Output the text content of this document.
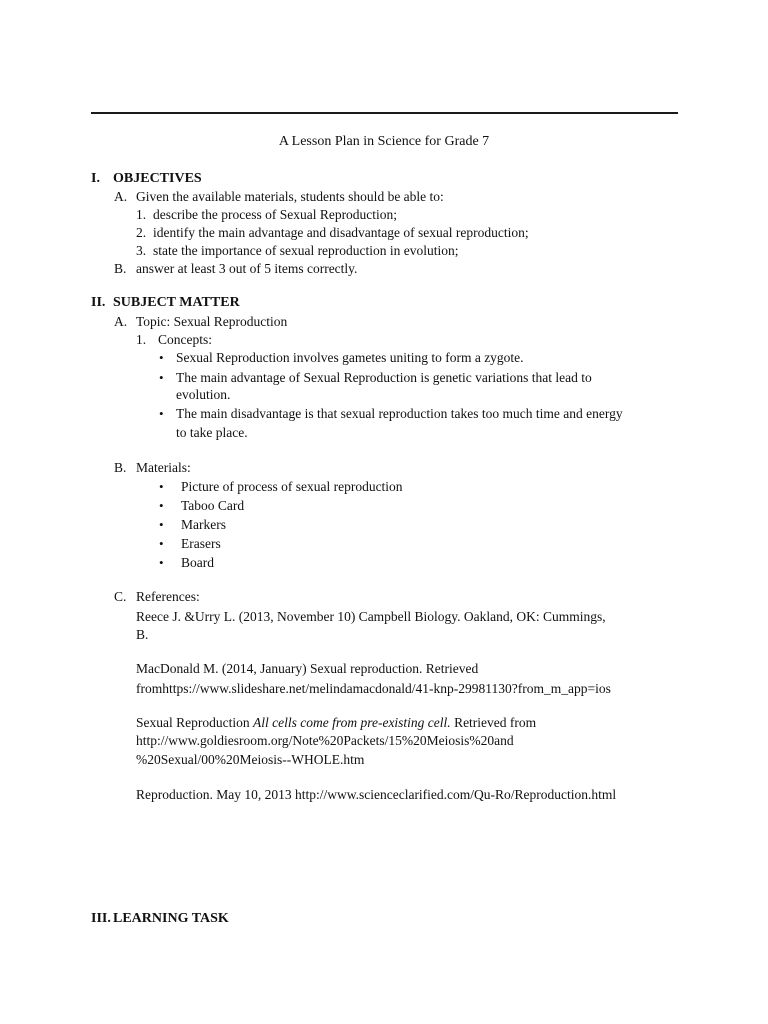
A Lesson Plan in Science for Grade 7
I. OBJECTIVES
A. Given the available materials, students should be able to:
1. describe the process of Sexual Reproduction;
2. identify the main advantage and disadvantage of sexual reproduction;
3. state the importance of sexual reproduction in evolution;
B. answer at least 3 out of 5 items correctly.
II. SUBJECT MATTER
A. Topic: Sexual Reproduction
1. Concepts:
• Sexual Reproduction involves gametes uniting to form a zygote.
• The main advantage of Sexual Reproduction is genetic variations that lead to
evolution.
• The main disadvantage is that sexual reproduction takes too much time and energy
to take place.
B. Materials:
• Picture of process of sexual reproduction
• Taboo Card
• Markers
• Erasers
• Board
C. References:
Reece J. &Urry L. (2013, November 10) Campbell Biology. Oakland, OK: Cummings,
B.
MacDonald M. (2014, January) Sexual reproduction. Retrieved
fromhttps://www.slideshare.net/melindamacdonald/41-knp-29981130?from_m_app=ios
Sexual Reproduction All cells come from pre-existing cell. Retrieved from
http://www.goldiesroom.org/Note%20Packets/15%20Meiosis%20and
%20Sexual/00%20Meiosis--WHOLE.htm
Reproduction. May 10, 2013 http://www.scienceclarified.com/Qu-Ro/Reproduction.html
III. LEARNING TASK
